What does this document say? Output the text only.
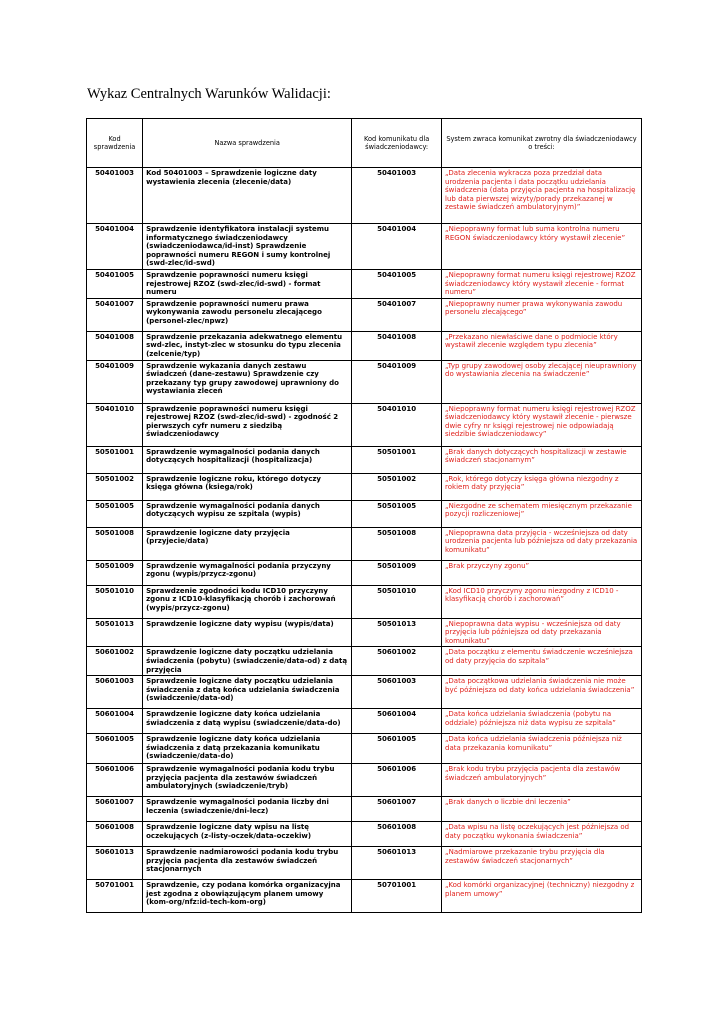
Wykaz Centralnych Warunków Walidacji:
Kod sprawdzenia	Nazwa sprawdzenia	Kod komunikatu dla świadczeniodawcy:	System zwraca komunikat zwrotny dla świadczeniodawcy o treści:
50401003	Kod 50401003 – Sprawdzenie logiczne daty wystawienia zlecenia (zlecenie/data)	50401003	„Data zlecenia wykracza poza przedział data urodzenia pacjenta i data początku udzielania świadczenia (data przyjęcia pacjenta na hospitalizację lub data pierwszej wizyty/porady przekazanej w zestawie świadczeń ambulatoryjnym)”
50401004	Sprawdzenie identyfikatora instalacji systemu informatycznego świadczeniodawcy (swiadczeniodawca/id-inst) Sprawdzenie poprawności numeru REGON i sumy kontrolnej (swd-zlec/id-swd)	50401004	„Niepoprawny format lub suma kontrolna numeru REGON świadczeniodawcy który wystawił zlecenie”
50401005	Sprawdzenie poprawności numeru księgi rejestrowej RZOZ (swd-zlec/id-swd) - format numeru	50401005	„Niepoprawny format numeru księgi rejestrowej RZOZ świadczeniodawcy który wystawił zlecenie - format numeru”
50401007	Sprawdzenie poprawności numeru prawa wykonywania zawodu personelu zlecającego (personel-zlec/npwz)	50401007	„Niepoprawny numer prawa wykonywania zawodu personelu zlecającego”
50401008	Sprawdzenie przekazania adekwatnego elementu swd-zlec, instyt-zlec w stosunku do typu zlecenia (zelcenie/typ)	50401008	„Przekazano niewłaściwe dane o podmiocie który wystawił zlecenie względem typu zlecenia”
50401009	Sprawdzenie wykazania danych zestawu świadczeń (dane-zestawu) Sprawdzenie czy przekazany typ grupy zawodowej uprawniony do wystawiania zleceń	50401009	„Typ grupy zawodowej osoby zlecającej nieuprawniony do wystawiania zlecenia na świadczenie”
50401010	Sprawdzenie poprawności numeru księgi rejestrowej RZOZ (swd-zlec/id-swd) - zgodność 2 pierwszych cyfr numeru z siedzibą świadczeniodawcy	50401010	„Niepoprawny format numeru księgi rejestrowej RZOZ świadczeniodawcy który wystawił zlecenie - pierwsze dwie cyfry nr księgi rejestrowej nie odpowiadają siedzibie świadczeniodawcy”
50501001	Sprawdzenie wymagalności podania danych dotyczących hospitalizacji (hospitalizacja)	50501001	„Brak danych dotyczących hospitalizacji w zestawie świadczeń stacjonarnym”
50501002	Sprawdzenie logiczne roku, którego dotyczy księga główna (ksiega/rok)	50501002	„Rok, którego dotyczy księga główna niezgodny z rokiem daty przyjęcia”
50501005	Sprawdzenie wymagalności podania danych dotyczących wypisu ze szpitala (wypis)	50501005	„Niezgodne ze schematem miesięcznym przekazanie pozycji rozliczeniowej”
50501008	Sprawdzenie logiczne daty przyjęcia (przyjecie/data)	50501008	„Niepoprawna data przyjęcia - wcześniejsza od daty urodzenia pacjenta lub późniejsza od daty przekazania komunikatu”
50501009	Sprawdzenie wymagalności podania przyczyny zgonu (wypis/przycz-zgonu)	50501009	„Brak przyczyny zgonu”
50501010	Sprawdzenie zgodności kodu ICD10 przyczyny zgonu z ICD10-klasyfikacją chorób i zachorowań (wypis/przycz-zgonu)	50501010	„Kod ICD10 przyczyny zgonu niezgodny z ICD10 - klasyfikacją chorób i zachorowań”
50501013	Sprawdzenie logiczne daty wypisu (wypis/data)	50501013	„Niepoprawna data wypisu - wcześniejsza od daty przyjęcia lub późniejsza od daty przekazania komunikatu”
50601002	Sprawdzenie logiczne daty początku udzielania świadczenia (pobytu) (swiadczenie/data-od) z datą przyjęcia	50601002	„Data początku z elementu świadczenie wcześniejsza od daty przyjęcia do szpitala”
50601003	Sprawdzenie logiczne daty początku udzielania świadczenia z datą końca udzielania świadczenia (swiadczenie/data-od)	50601003	„Data początkowa udzielania świadczenia nie może być późniejsza od daty końca udzielania świadczenia”
50601004	Sprawdzenie logiczne daty końca udzielania świadczenia z datą wypisu (swiadczenie/data-do)	50601004	„Data końca udzielania świadczenia (pobytu na oddziale) późniejsza niż data wypisu ze szpitala”
50601005	Sprawdzenie logiczne daty końca udzielania świadczenia z datą przekazania komunikatu (swiadczenie/data-do)	50601005	„Data końca udzielania świadczenia późniejsza niż data przekazania komunikatu”
50601006	Sprawdzenie wymagalności podania kodu trybu przyjęcia pacjenta dla zestawów świadczeń ambulatoryjnych (swiadczenie/tryb)	50601006	„Brak kodu trybu przyjęcia pacjenta dla zestawów świadczeń ambulatoryjnych”
50601007	Sprawdzenie wymagalności podania liczby dni leczenia (swiadczenie/dni-lecz)	50601007	„Brak danych o liczbie dni leczenia”
50601008	Sprawdzenie logiczne daty wpisu na listę oczekujących (z-listy-oczek/data-oczekiw)	50601008	„Data wpisu na listę oczekujących jest późniejsza od daty początku wykonania świadczenia”
50601013	Sprawdzenie nadmiarowości podania kodu trybu przyjęcia pacjenta dla zestawów świadczeń stacjonarnych	50601013	„Nadmiarowe przekazanie trybu przyjęcia dla zestawów świadczeń stacjonarnych”
50701001	Sprawdzenie, czy podana komórka organizacyjna jest zgodna z obowiązującym planem umowy (kom-org/nfz:id-tech-kom-org)	50701001	„Kod komórki organizacyjnej (techniczny) niezgodny z planem umowy”
